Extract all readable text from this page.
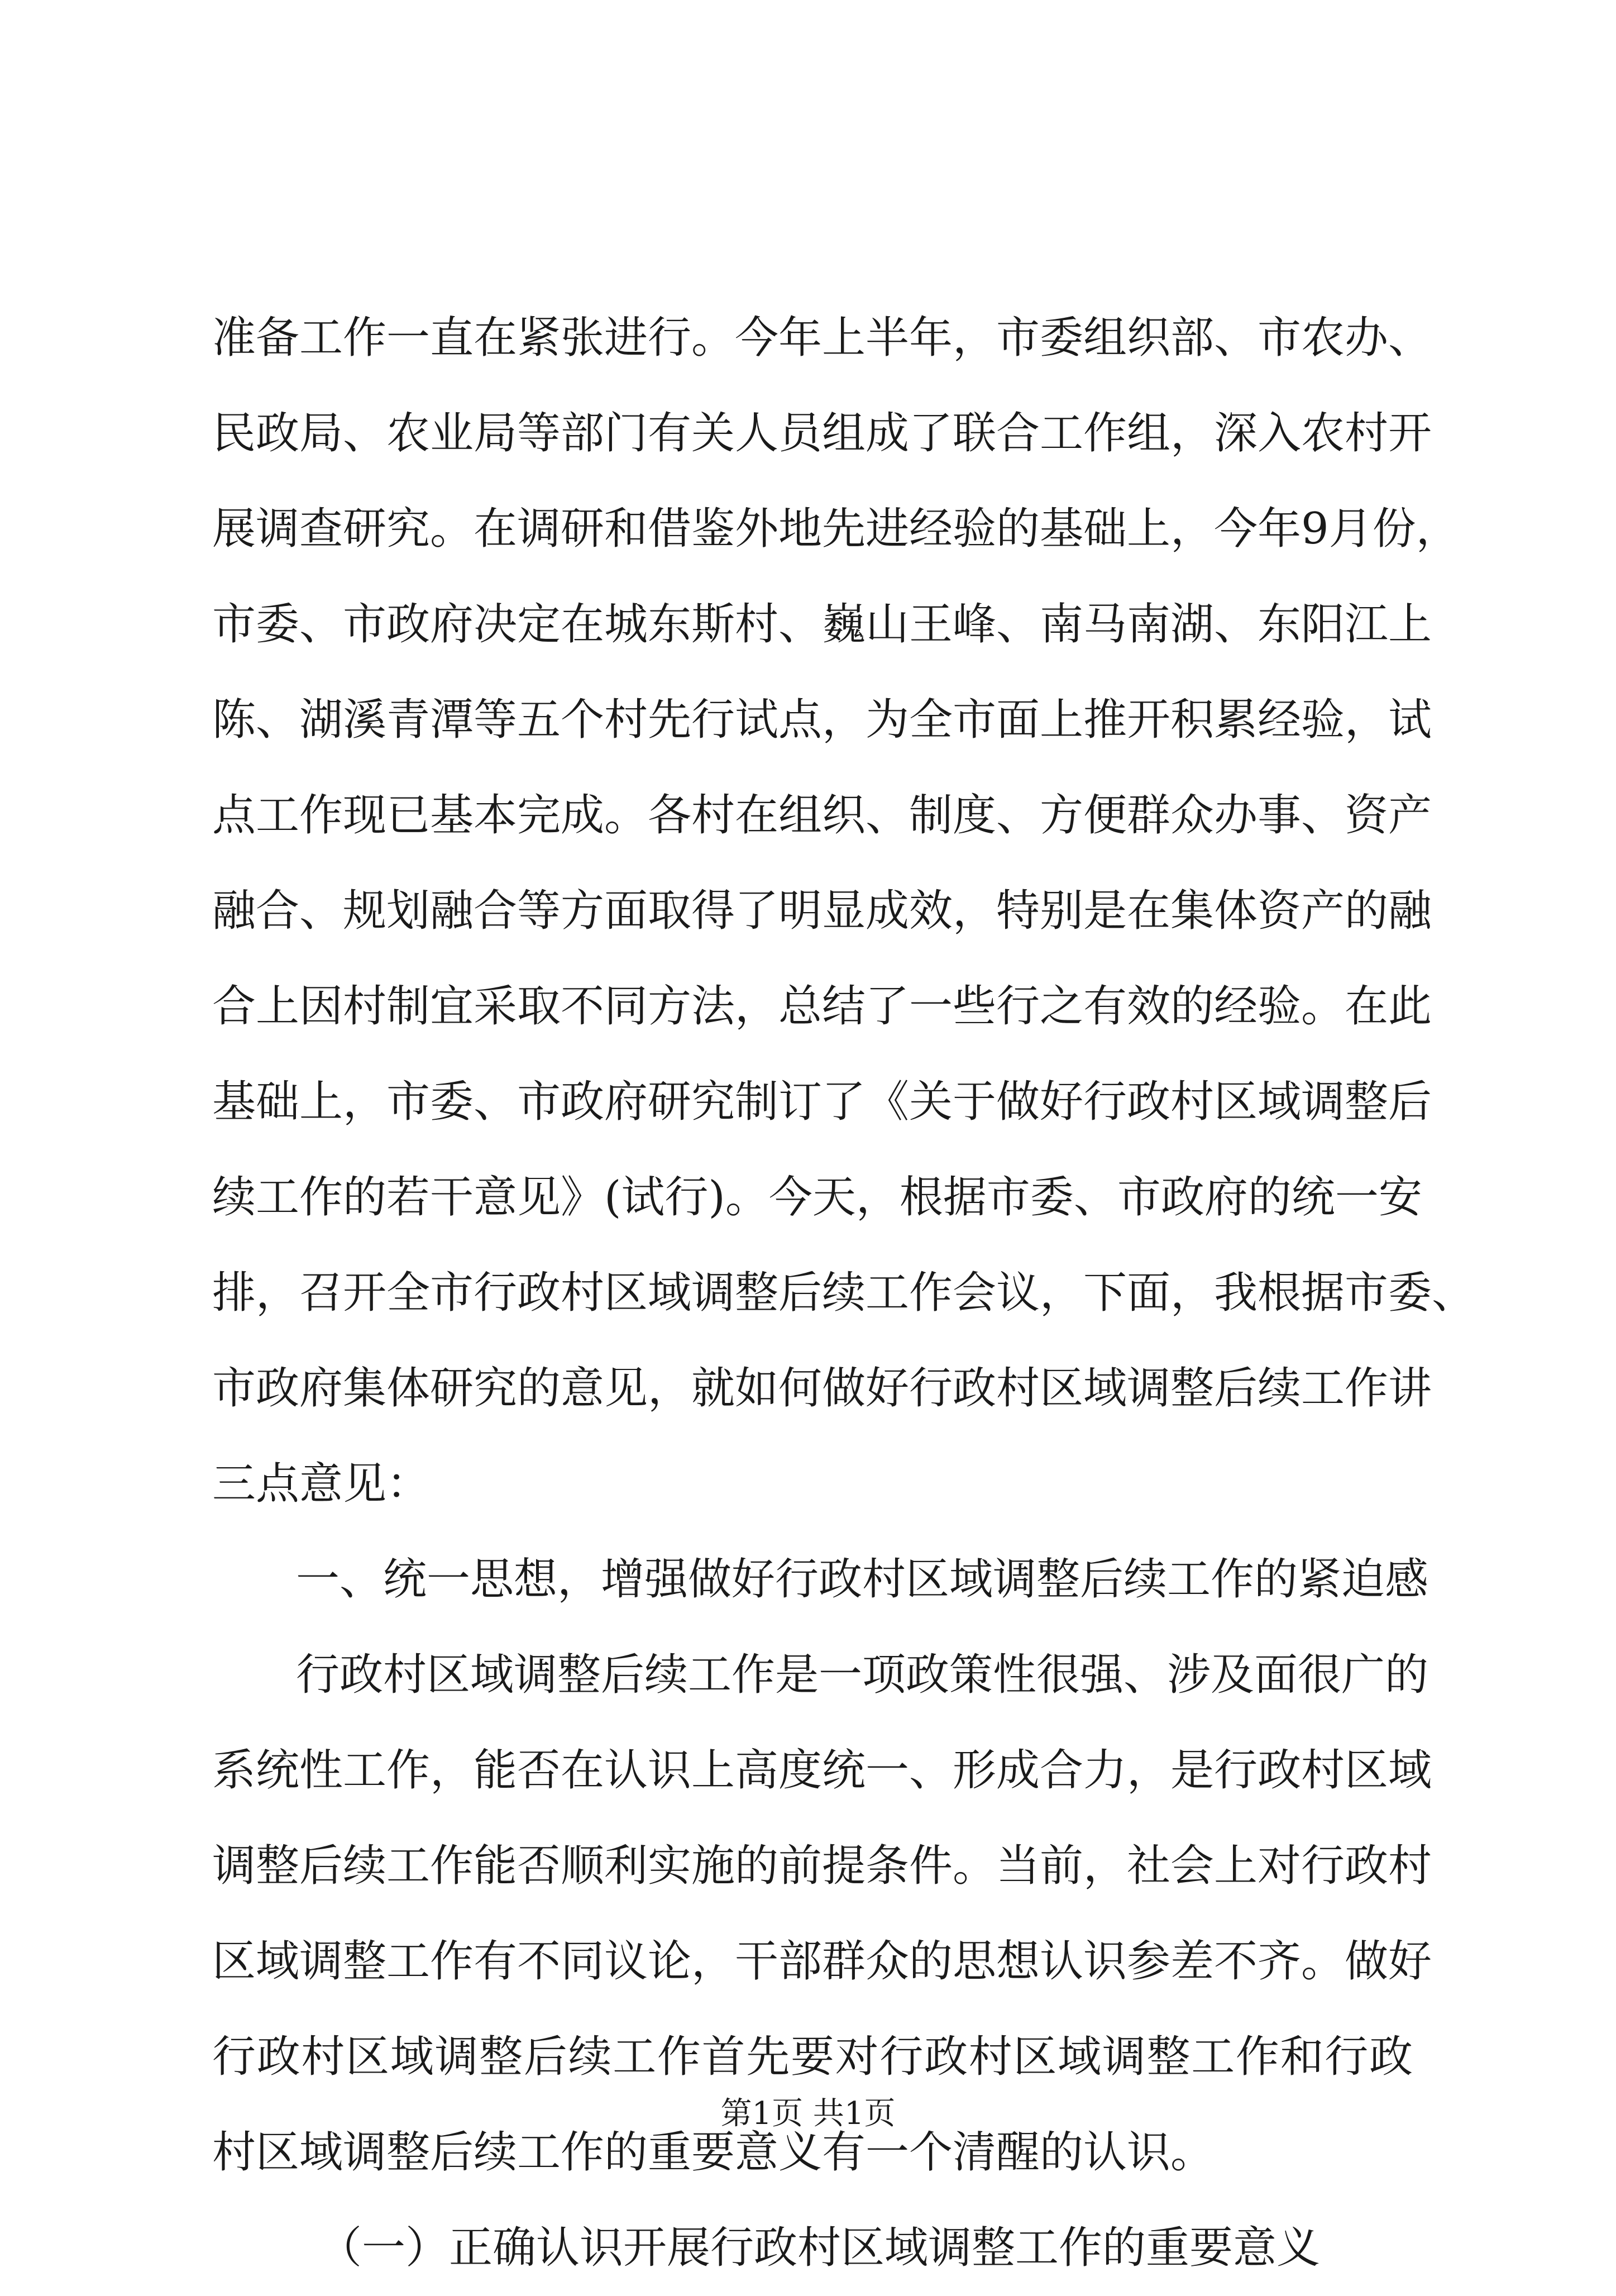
准备工作一直在紧张进行。今年上半年，市委组织部、市农办、
民政局、农业局等部门有关人员组成了联合工作组，深入农村开
展调查研究。在调研和借鉴外地先进经验的基础上，今年9月份，
市委、市政府决定在城东斯村、巍山王峰、南马南湖、东阳江上
陈、湖溪青潭等五个村先行试点，为全市面上推开积累经验，试
点工作现已基本完成。各村在组织、制度、方便群众办事、资产
融合、规划融合等方面取得了明显成效，特别是在集体资产的融
合上因村制宜采取不同方法，总结了一些行之有效的经验。在此
基础上，市委、市政府研究制订了《关于做好行政村区域调整后
续工作的若干意见》(试行)。今天，根据市委、市政府的统一安
排，召开全市行政村区域调整后续工作会议，下面，我根据市委、
市政府集体研究的意见，就如何做好行政村区域调整后续工作讲
三点意见：
一、统一思想，增强做好行政村区域调整后续工作的紧迫感
行政村区域调整后续工作是一项政策性很强、涉及面很广的
系统性工作，能否在认识上高度统一、形成合力，是行政村区域
调整后续工作能否顺利实施的前提条件。当前，社会上对行政村
区域调整工作有不同议论，干部群众的思想认识参差不齐。做好
行政村区域调整后续工作首先要对行政村区域调整工作和行政
村区域调整后续工作的重要意义有一个清醒的认识。
（一）正确认识开展行政村区域调整工作的重要意义
第1页 共1页
